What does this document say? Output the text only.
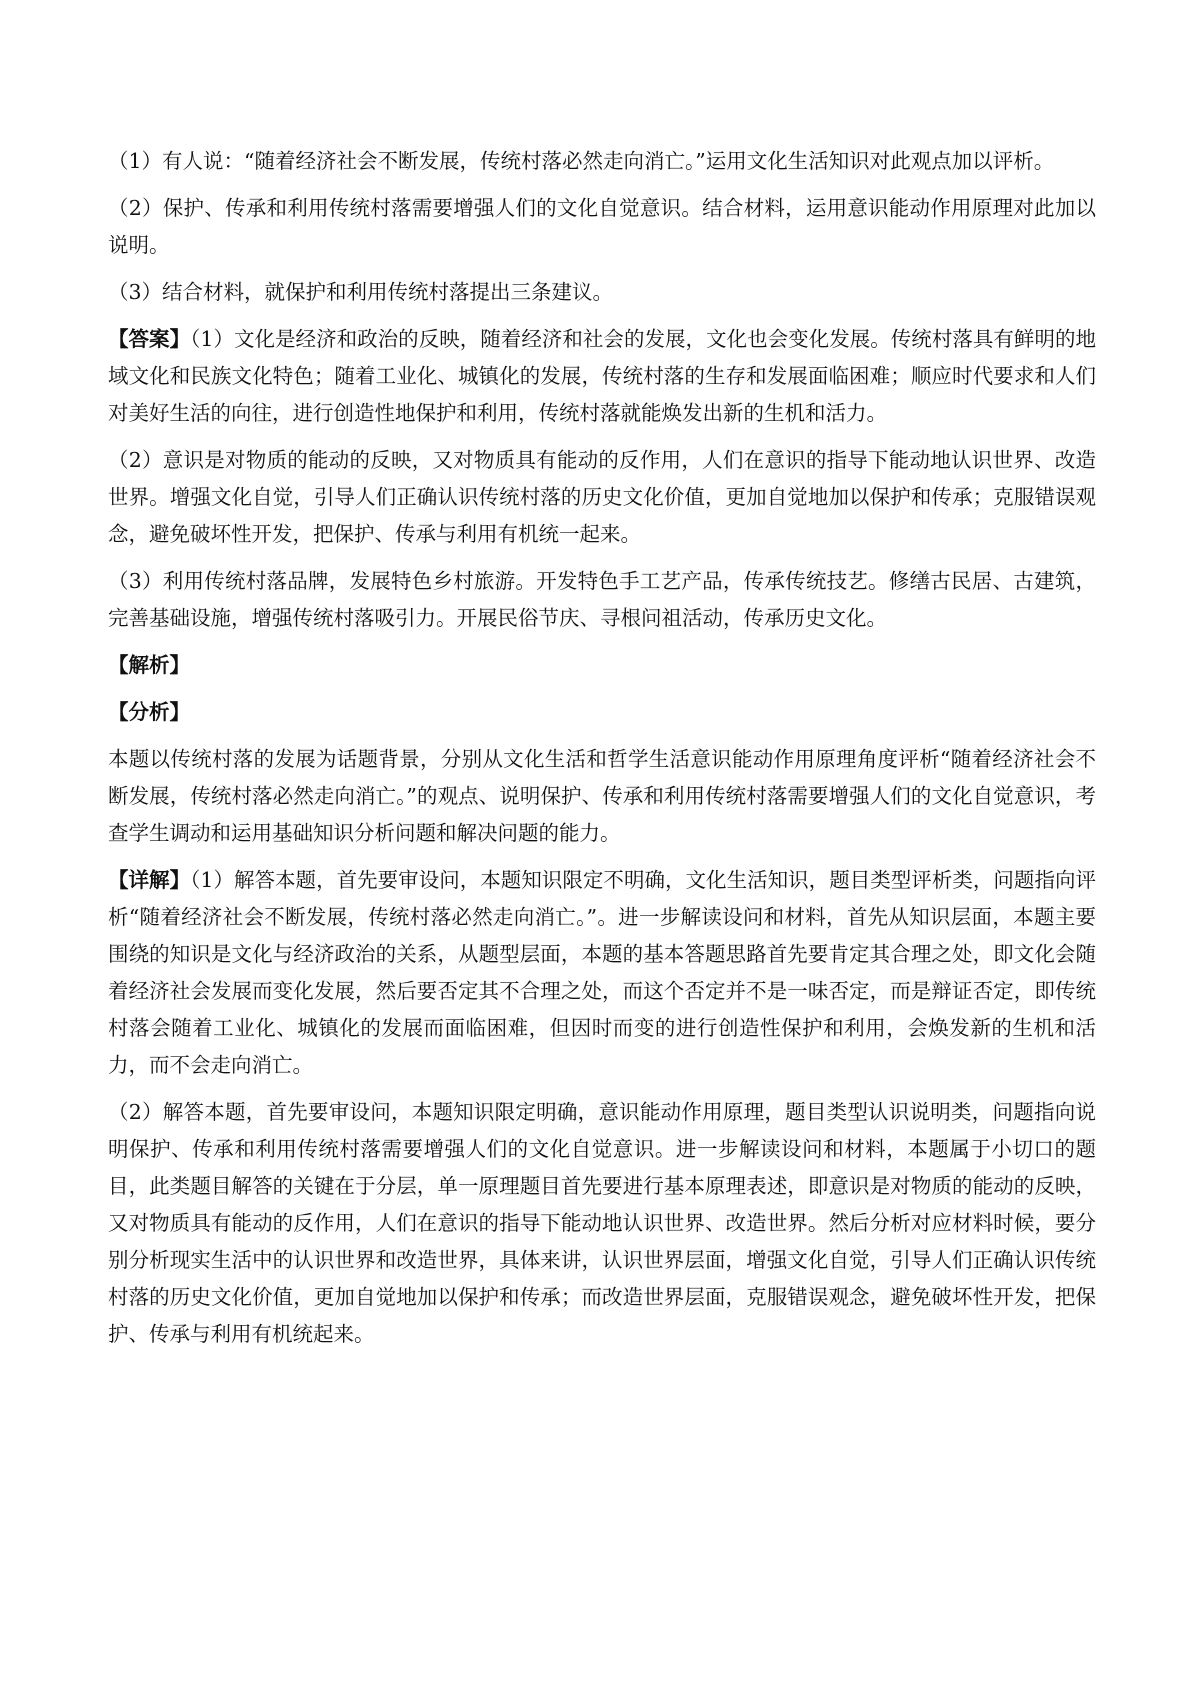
（1）有人说：“随着经济社会不断发展，传统村落必然走向消亡。”运用文化生活知识对此观点加以评析。

（2）保护、传承和利用传统村落需要增强人们的文化自觉意识。结合材料，运用意识能动作用原理对此加以说明。

（3）结合材料，就保护和利用传统村落提出三条建议。

【答案】（1）文化是经济和政治的反映，随着经济和社会的发展，文化也会变化发展。传统村落具有鲜明的地域文化和民族文化特色；随着工业化、城镇化的发展，传统村落的生存和发展面临困难；顺应时代要求和人们对美好生活的向往，进行创造性地保护和利用，传统村落就能焕发出新的生机和活力。

（2）意识是对物质的能动的反映，又对物质具有能动的反作用，人们在意识的指导下能动地认识世界、改造世界。增强文化自觉，引导人们正确认识传统村落的历史文化价值，更加自觉地加以保护和传承；克服错误观念，避免破坏性开发，把保护、传承与利用有机统一起来。

（3）利用传统村落品牌，发展特色乡村旅游。开发特色手工艺产品，传承传统技艺。修缮古民居、古建筑，完善基础设施，增强传统村落吸引力。开展民俗节庆、寻根问祖活动，传承历史文化。

【解析】

【分析】

本题以传统村落的发展为话题背景，分别从文化生活和哲学生活意识能动作用原理角度评析“随着经济社会不断发展，传统村落必然走向消亡。”的观点、说明保护、传承和利用传统村落需要增强人们的文化自觉意识，考查学生调动和运用基础知识分析问题和解决问题的能力。

【详解】（1）解答本题，首先要审设问，本题知识限定不明确，文化生活知识，题目类型评析类，问题指向评析“随着经济社会不断发展，传统村落必然走向消亡。”。进一步解读设问和材料，首先从知识层面，本题主要围绕的知识是文化与经济政治的关系，从题型层面，本题的基本答题思路首先要肯定其合理之处，即文化会随着经济社会发展而变化发展，然后要否定其不合理之处，而这个否定并不是一味否定，而是辩证否定，即传统村落会随着工业化、城镇化的发展而面临困难，但因时而变的进行创造性保护和利用，会焕发新的生机和活力，而不会走向消亡。

（2）解答本题，首先要审设问，本题知识限定明确，意识能动作用原理，题目类型认识说明类，问题指向说明保护、传承和利用传统村落需要增强人们的文化自觉意识。进一步解读设问和材料，本题属于小切口的题目，此类题目解答的关键在于分层，单一原理题目首先要进行基本原理表述，即意识是对物质的能动的反映，又对物质具有能动的反作用，人们在意识的指导下能动地认识世界、改造世界。然后分析对应材料时候，要分别分析现实生活中的认识世界和改造世界，具体来讲，认识世界层面，增强文化自觉，引导人们正确认识传统村落的历史文化价值，更加自觉地加以保护和传承；而改造世界层面，克服错误观念，避免破坏性开发，把保护、传承与利用有机统起来。
